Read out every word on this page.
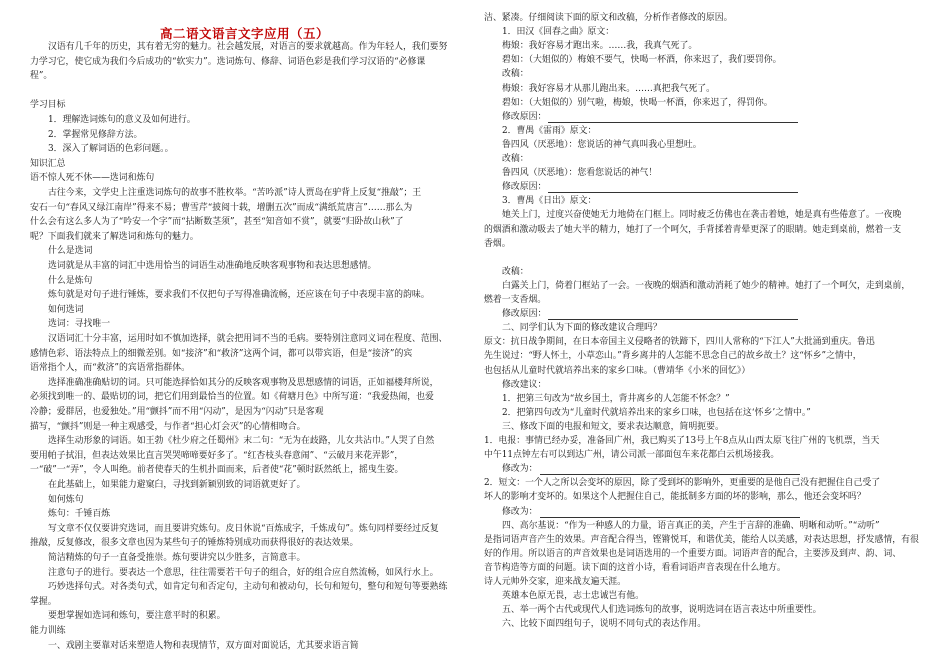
高二语文语言文字应用（五）
汉语有几千年的历史，其有着无穷的魅力。社会越发展，对语言的要求就越高。作为年轻人，我们要努
力学习它，使它成为我们今后成功的“软实力”。选词炼句、修辞、词语色彩是我们学习汉语的“必修课
程”。
学习目标
1．理解选词炼句的意义及如何进行。
2．掌握常见修辞方法。
3．深入了解词语的色彩问题。。
知识汇总
语不惊人死不休——选词和炼句
古往今来，文学史上注重选词炼句的故事不胜枚举。“苦吟派”诗人贾岛在驴背上反复“推敲”；王
安石一句“春风又绿江南岸”得来不易；曹雪芹“披阅十载，增删五次”而成“满纸荒唐言”……那么为
什么会有这么多人为了“吟安一个字”而“拈断数茎须”，甚至“知音如不赏”，就要“归卧故山秋”了
呢？下面我们就来了解选词和炼句的魅力。
什么是选词
选词就是从丰富的词汇中选用恰当的词语生动准确地反映客观事物和表达思想感情。
什么是炼句
炼句就是对句子进行锤炼，要求我们不仅把句子写得准确流畅，还应该在句子中表现丰富的韵味。
如何选词
选词：寻找唯一
汉语词汇十分丰富，运用时如不慎加选择，就会把用词不当的毛病。要特别注意同义词在程度、范围、
感情色彩、语法特点上的细微差别。如“接济”和“救济”这两个词，都可以带宾语，但是“接济”的宾
语常指个人，而“救济”的宾语常指群体。
选择准确准确贴切的词。只可能选择恰如其分的反映客观事物及思想感情的词语，正如福楼拜所说，
必须找到唯一的、最贴切的词，把它们用到最恰当的位置。如《荷塘月色》中所写道：“我爱热闹，也爱
冷静；爱群居，也爱独处。”用“颤抖”而不用“闪动”，是因为“闪动”只是客观
描写，“颤抖”则是一种主观感受，与作者“担心灯会灭”的心情相吻合。
选择生动形象的词语。如王勃《杜少府之任蜀州》末二句：“无为在歧路，儿女共沾巾。”人哭了自然
要用帕子拭泪，但表达效果比直言哭哭啼啼要好多了。“红杏枝头春意闹”、“云破月来花弄影”，
一“破”一“弄”，令人叫绝。前者使春天的生机扑面而来，后者使“花”顿时跃然纸上，摇曳生姿。
在此基础上，如果能力避窠臼，寻找到新颖别致的词语就更好了。
如何炼句
炼句：千锤百炼
写文章不仅仅要讲究选词，而且要讲究炼句。皮日休说“百炼成字，千炼成句”。炼句同样要经过反复
推敲，反复修改，很多文章也因为某些句子的锤炼特别成功而获得很好的表达效果。
简洁精炼的句子一直备受推崇。炼句要讲究以少胜多，言简意丰。
注意句子的进行。要表达一个意思，往往需要若干句子的组合，好的组合应自然流畅，如风行水上。
巧妙选择句式。对各类句式，如肯定句和否定句，主动句和被动句，长句和短句，整句和短句等要熟练
掌握。
要想掌握如选词和炼句，要注意平时的积累。
能力训练
一、戏剧主要靠对话来塑造人物和表现情节，双方面对面说话，尤其要求语言简
洁、紧凑。仔细阅读下面的原文和改稿，分析作者修改的原因。
1．田汉《回春之曲》原文：
梅娘：我好容易才跑出来。……我，我真气死了。
碧如：（大姐似的）梅娘不要气，快喝一杯酒，你来迟了，我们要罚你。
改稿：
梅娘：我好容易才从那儿跑出来。……真把我气死了。
碧如：（大姐似的）别气啦，梅娘，快喝一杯酒，你来迟了，得罚你。
修改原因：
2．曹禺《雷雨》原文：
鲁四风（厌恶地）：您说话的神气真叫我心里想吐。
改稿：
鲁四风（厌恶地）：您看您说话的神气！
修改原因：
3．曹禺《日出》原文：
她关上门，过度兴奋使她无力地倚在门框上。同时疲乏仿佛也在袭击着她，她是真有些倦意了。一夜晚
的烟酒和激动吸去了她大半的精力，她打了一个呵欠，手背揉着青晕更深了的眼睛。她走到桌前，燃着一支
香烟。
改稿：
白露关上门，倚着门框站了一会。一夜晚的烟酒和激动消耗了她少的精神。她打了一个呵欠，走到桌前，
燃着一支香烟。
修改原因：
二、同学们认为下面的修改建议合理吗？
原文：抗日战争期间，在日本帝国主义侵略者的铁蹄下，四川人常称的“下江人”大批涌到重庆。鲁迅
先生说过：“野人怀土，小草恋山。”背乡离井的人怎能不思念自己的故乡故土？这“怀乡”之情中，
也包括从儿童时代就培养出来的家乡口味。（曹靖华《小米的回忆》）
修改建议：
1．把第三句改为“故乡国土，背井离乡的人怎能不怀念？”
2．把第四句改为“儿童时代就培养出来的家乡口味，也包括在这‘怀乡’之情中。”
三、修改下面的电报和短文，要求表达顺意，简明扼要。
1．电报：事情已经办妥，准备回广州，我已购买了13号上午8点从山西太原飞往广州的飞机票，当天
中午11点钟左右可以到达广州，请公司派一部面包车来花都白云机场接我。
修改为：
2．短文：一个人之所以会变坏的原因，除了受到坏的影响外，更重要的是他自己没有把握住自己受了
坏人的影响才变坏的。如果这个人把握住自己，能抵制多方面的坏的影响，那么，他还会变坏吗？
修改为：
四、高尔基说：“作为一种感人的力量，语言真正的美，产生于言辞的准确、明晰和动听。”“动听”
是指词语声音产生的效果。声音配合得当，铿锵悦耳，和谐优美，能给人以美感，对表达思想，抒发感情，有很
好的作用。所以语言的声音效果也是词语选用的一个重要方面。词语声音的配合，主要涉及到声、韵、词、
音节构造等方面的问题。读下面的这首小诗，看看词语声音表现在什么地方。
诗人元帅外交家，迎来战友遍天涯。
英雄本色原无畏，志士忠诚岂有他。
五、举一两个古代或现代人们选词炼句的故事，说明选词在语言表达中所重要性。
六、比较下面四组句子，说明不同句式的表达作用。
